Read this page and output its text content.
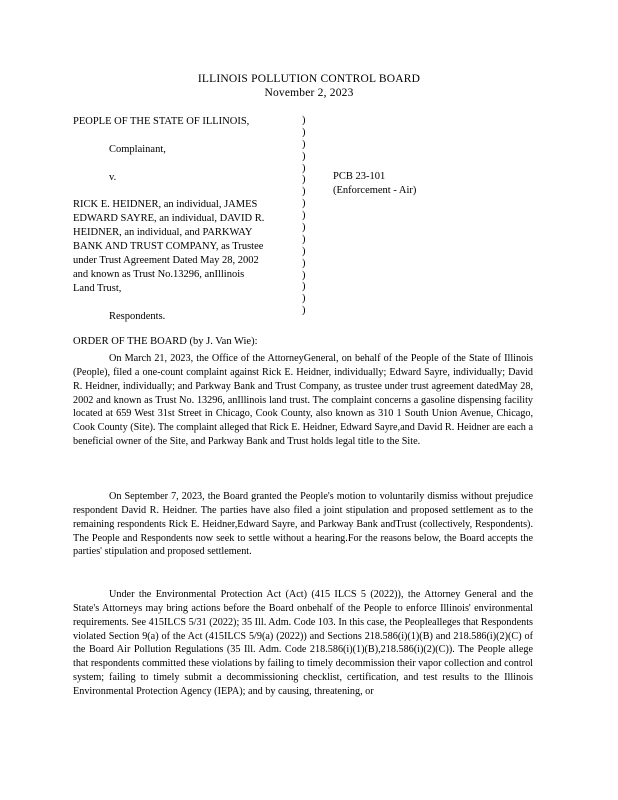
ILLINOIS POLLUTION CONTROL BOARD
November 2, 2023
PEOPLE OF THE STATE OF ILLINOIS,
Complainant,
v.
RICK E. HEIDNER, an individual, JAMES
EDWARD SAYRE, an individual, DAVID R.
HEIDNER, an individual, and PARKWAY
BANK AND TRUST COMPANY, as Trustee
under Trust Agreement Dated May 28, 2002
and known as Trust No.13296, anIllinois
Land Trust,
Respondents.
)
)
)
)
)
)
)
)
)
)
)
)
)
)
)
)
)
PCB 23-101
(Enforcement - Air)
ORDER OF THE BOARD (by J. Van Wie):

On March 21, 2023, the Office of the AttorneyGeneral, on behalf of the People of the State of Illinois (People), filed a one-count complaint against Rick E. Heidner, individually; Edward Sayre, individually; David R. Heidner, individually; and Parkway Bank and Trust Company, as trustee under trust agreement datedMay 28, 2002 and known as Trust No. 13296, anIllinois land trust. The complaint concerns a gasoline dispensing facility located at 659 West 31st Street in Chicago, Cook County, also known as 310 1 South Union Avenue, Chicago, Cook County (Site). The complaint alleged that Rick E. Heidner, Edward Sayre,and David R. Heidner are each a beneficial owner of the Site, and Parkway Bank and Trust holds legal title to the Site.

On September 7, 2023, the Board granted the People's motion to voluntarily dismiss without prejudice respondent David R. Heidner. The parties have also filed a joint stipulation and proposed settlement as to the remaining respondents Rick E. Heidner,Edward Sayre, and Parkway Bank andTrust (collectively, Respondents). The People and Respondents now seek to settle without a hearing.For the reasons below, the Board accepts the parties' stipulation and proposed settlement.

Under the Environmental Protection Act (Act) (415 ILCS 5 (2022)), the Attorney General and the State's Attorneys may bring actions before the Board onbehalf of the People to enforce Illinois' environmental requirements. See 415ILCS 5/31 (2022); 35 Ill. Adm. Code 103. In this case, the Peoplealleges that Respondents violated Section 9(a) of the Act (415ILCS 5/9(a) (2022)) and Sections 218.586(i)(1)(B) and 218.586(i)(2)(C) of the Board Air Pollution Regulations (35 Ill. Adm. Code 218.586(i)(1)(B),218.586(i)(2)(C)). The People allege that respondents committed these violations by failing to timely decommission their vapor collection and control system; failing to timely submit a decommissioning checklist, certification, and test results to the Illinois Environmental Protection Agency (IEPA); and by causing, threatening, or
